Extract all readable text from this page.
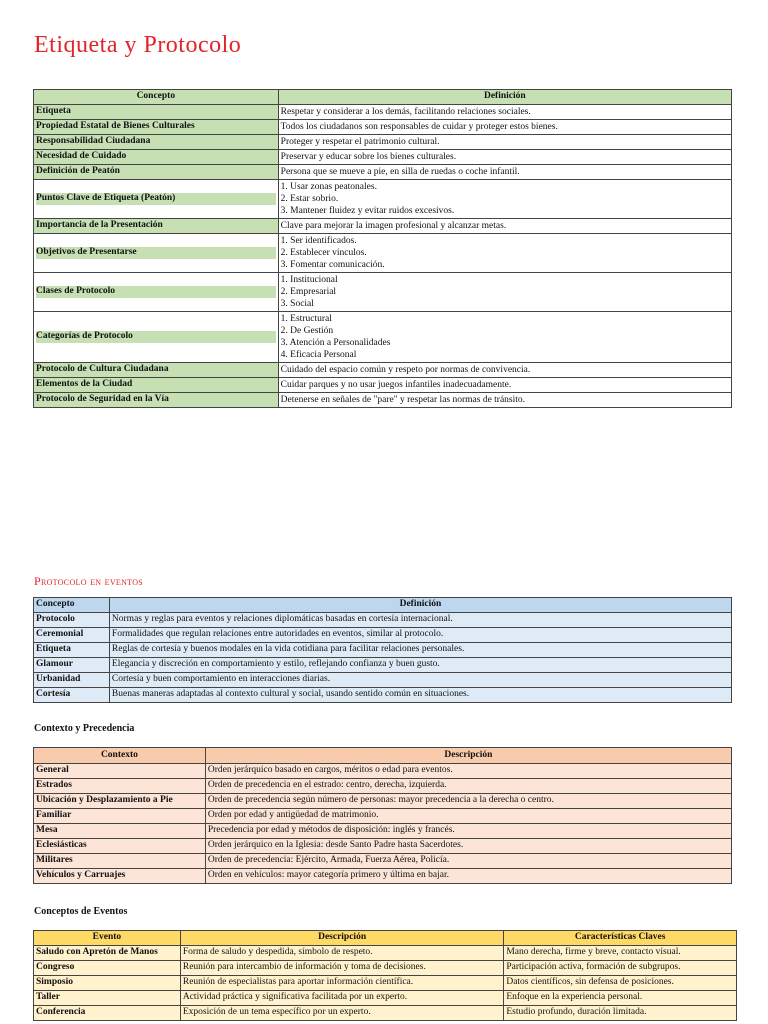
Etiqueta y Protocolo
Concepto	Definición
Etiqueta	Respetar y considerar a los demás, facilitando relaciones sociales.

Propiedad Estatal de Bienes Culturales	Todos los ciudadanos son responsables de cuidar y proteger estos bienes.

Responsabilidad Ciudadana	Proteger y respetar el patrimonio cultural.

Necesidad de Cuidado	Preservar y educar sobre los bienes culturales.

Definición de Peatón	Persona que se mueve a pie, en silla de ruedas o coche infantil.

Puntos Clave de Etiqueta (Peatón)	1. Usar zonas peatonales.
2. Estar sobrio.
3. Mantener fluidez y evitar ruidos excesivos.

Importancia de la Presentación	Clave para mejorar la imagen profesional y alcanzar metas.

Objetivos de Presentarse	1. Ser identificados.
2. Establecer vínculos.
3. Fomentar comunicación.

Clases de Protocolo	1. Institucional
2. Empresarial
3. Social

Categorías de Protocolo	1. Estructural
2. De Gestión
3. Atención a Personalidades
4. Eficacia Personal

Protocolo de Cultura Ciudadana	Cuidado del espacio común y respeto por normas de convivencia.

Elementos de la Ciudad	Cuidar parques y no usar juegos infantiles inadecuadamente.

Protocolo de Seguridad en la Vía	Detenerse en señales de "pare" y respetar las normas de tránsito.
Protocolo en eventos
Concepto	Definición
Protocolo	Normas y reglas para eventos y relaciones diplomáticas basadas en cortesía internacional.
Ceremonial	Formalidades que regulan relaciones entre autoridades en eventos, similar al protocolo.
Etiqueta	Reglas de cortesía y buenos modales en la vida cotidiana para facilitar relaciones personales.
Glamour	Elegancia y discreción en comportamiento y estilo, reflejando confianza y buen gusto.
Urbanidad	Cortesía y buen comportamiento en interacciones diarias.
Cortesía	Buenas maneras adaptadas al contexto cultural y social, usando sentido común en situaciones.
Contexto y Precedencia
Contexto	Descripción
General	Orden jerárquico basado en cargos, méritos o edad para eventos.
Estrados	Orden de precedencia en el estrado: centro, derecha, izquierda.
Ubicación y Desplazamiento a Pie	Orden de precedencia según número de personas: mayor precedencia a la derecha o centro.
Familiar	Orden por edad y antigüedad de matrimonio.
Mesa	Precedencia por edad y métodos de disposición: inglés y francés.
Eclesiásticas	Orden jerárquico en la Iglesia: desde Santo Padre hasta Sacerdotes.
Militares	Orden de precedencia: Ejército, Armada, Fuerza Aérea, Policía.
Vehículos y Carruajes	Orden en vehículos: mayor categoría primero y última en bajar.
Conceptos de Eventos
Evento	Descripción	Características Claves
Saludo con Apretón de Manos	Forma de saludo y despedida, símbolo de respeto.	Mano derecha, firme y breve, contacto visual.
Congreso	Reunión para intercambio de información y toma de decisiones.	Participación activa, formación de subgrupos.
Simposio	Reunión de especialistas para aportar información científica.	Datos científicos, sin defensa de posiciones.
Taller	Actividad práctica y significativa facilitada por un experto.	Enfoque en la experiencia personal.
Conferencia	Exposición de un tema específico por un experto.	Estudio profundo, duración limitada.
